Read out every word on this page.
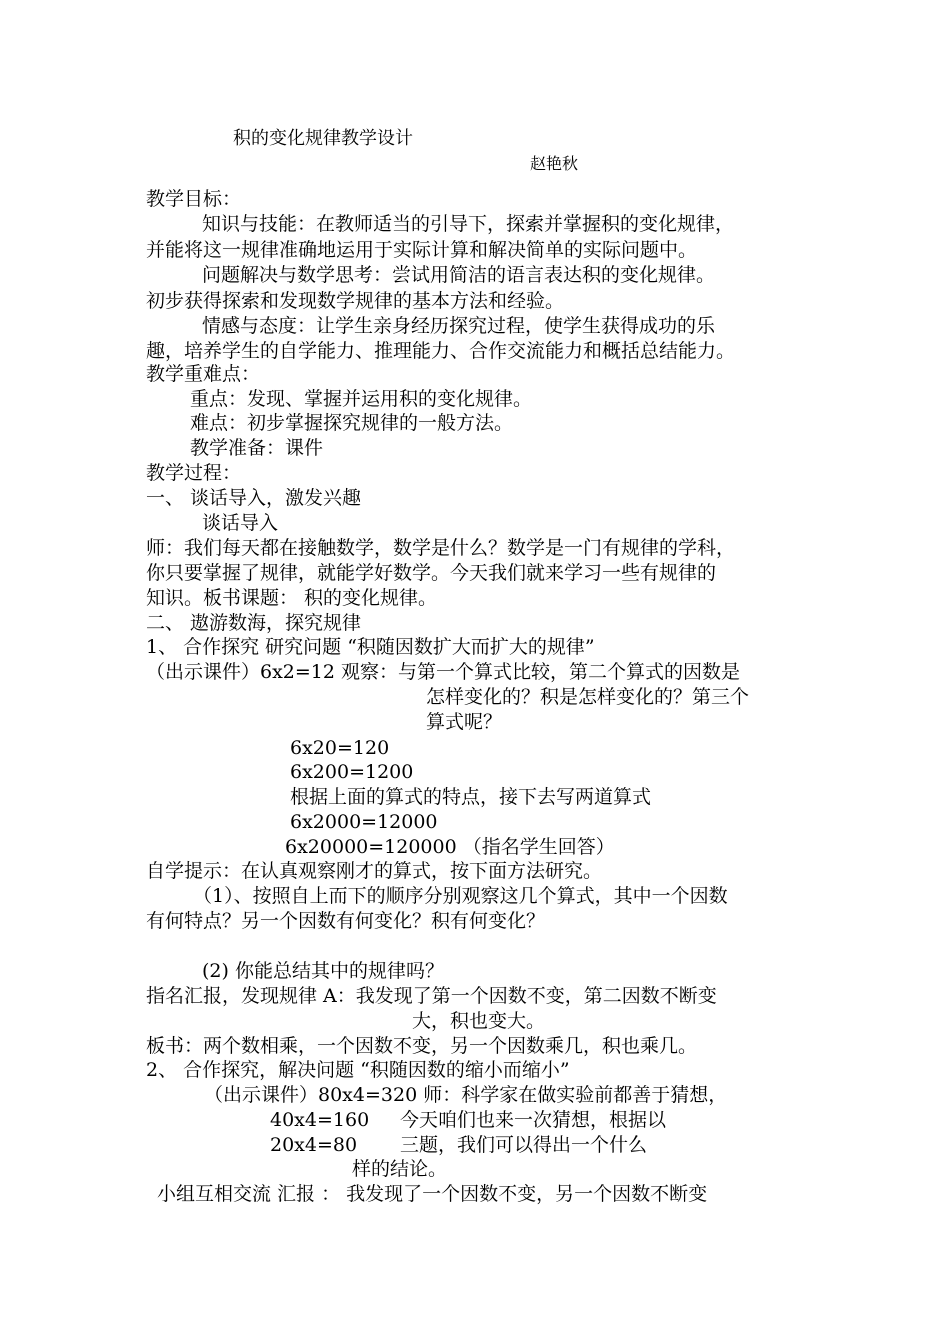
积的变化规律教学设计
赵艳秋
教学目标：
知识与技能：在教师适当的引导下，探索并掌握积的变化规律，
并能将这一规律准确地运用于实际计算和解决简单的实际问题中。
问题解决与数学思考：尝试用简洁的语言表达积的变化规律。
初步获得探索和发现数学规律的基本方法和经验。
情感与态度：让学生亲身经历探究过程，使学生获得成功的乐
趣，培养学生的自学能力、推理能力、合作交流能力和概括总结能力。
教学重难点：
重点：发现、掌握并运用积的变化规律。
难点：初步掌握探究规律的一般方法。
教学准备：课件
教学过程：
一、 谈话导入，激发兴趣
谈话导入
师：我们每天都在接触数学，数学是什么？数学是一门有规律的学科，
你只要掌握了规律，就能学好数学。今天我们就来学习一些有规律的
知识。板书课题： 积的变化规律。
二、 遨游数海，探究规律
1、 合作探究 研究问题 “积随因数扩大而扩大的规律”
（出示课件）6x2=12 观察：与第一个算式比较，第二个算式的因数是
怎样变化的？积是怎样变化的？第三个
算式呢？
6x20=120
6x200=1200
根据上面的算式的特点，接下去写两道算式
6x2000=12000
6x20000=120000 （指名学生回答）
自学提示：在认真观察刚才的算式，按下面方法研究。
（1）、按照自上而下的顺序分别观察这几个算式，其中一个因数
有何特点？另一个因数有何变化？积有何变化？
(2) 你能总结其中的规律吗？
指名汇报，发现规律 A：我发现了第一个因数不变，第二因数不断变
大，积也变大。
板书：两个数相乘，一个因数不变，另一个因数乘几，积也乘几。
2、 合作探究，解决问题 “积随因数的缩小而缩小”
（出示课件）80x4=320 师：科学家在做实验前都善于猜想，
40x4=160 今天咱们也来一次猜想，根据以
20x4=80 三题，我们可以得出一个什么
样的结论。
小组互相交流 汇报 ： 我发现了一个因数不变，另一个因数不断变
